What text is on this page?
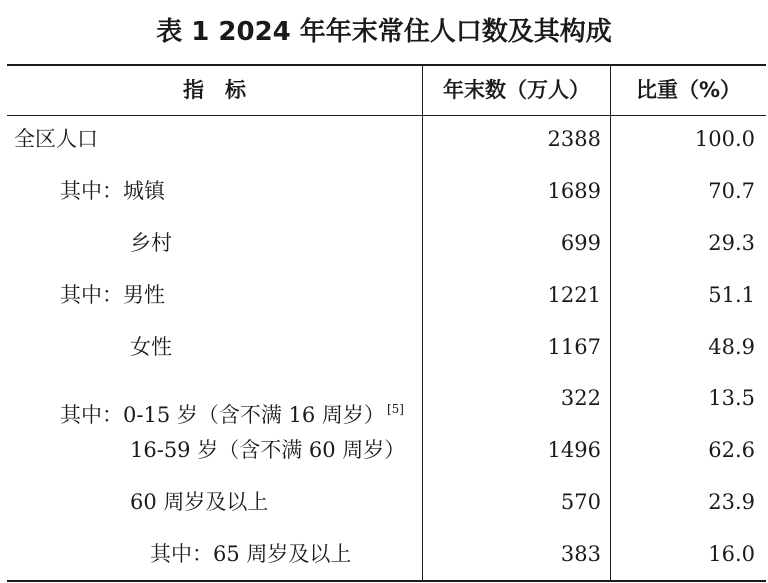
表 1 2024 年年末常住人口数及其构成
指　标	年末数（万人）	比重（%）
全区人口	2388	100.0
其中：城镇	1689	70.7
乡村	699	29.3
其中：男性	1221	51.1
女性	1167	48.9
其中：0-15 岁（含不满 16 周岁） [5]	322	13.5
16-59 岁（含不满 60 周岁）	1496	62.6
60 周岁及以上	570	23.9
其中：65 周岁及以上	383	16.0
